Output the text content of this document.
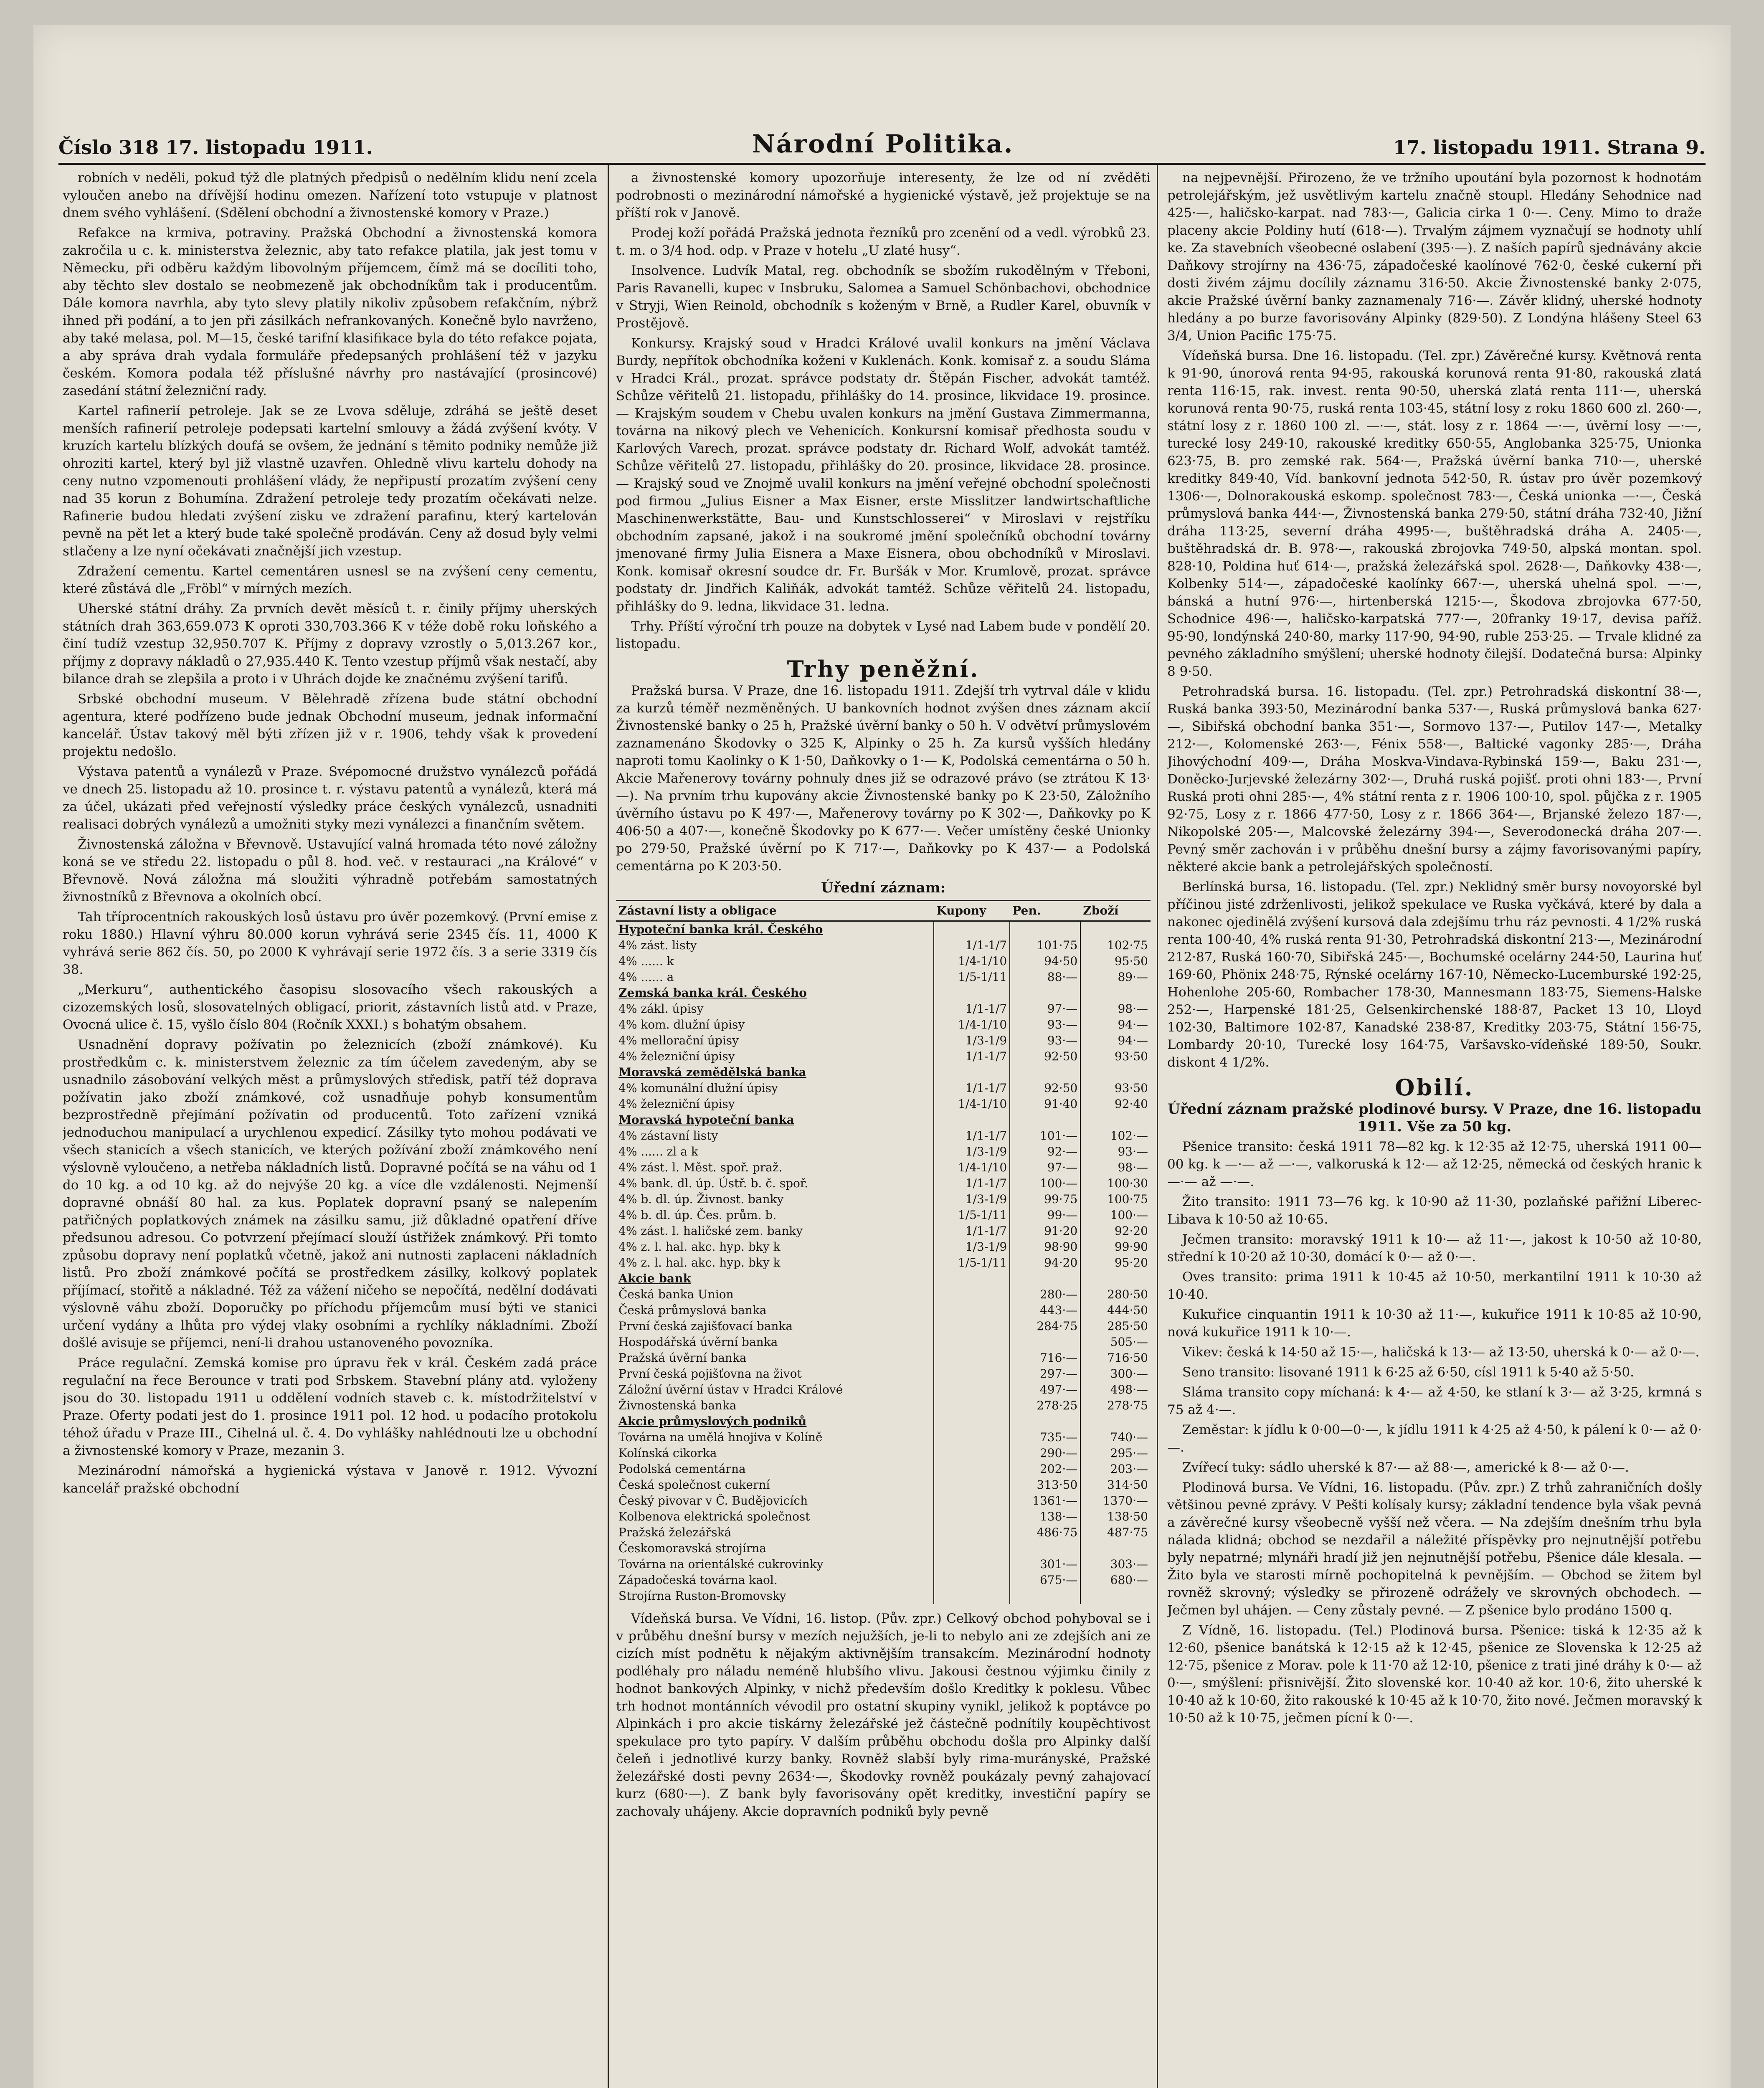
Číslo 318 17. listopadu 1911.	Národní Politika.	17. listopadu 1911. Strana 9.

robních v neděli, pokud týž dle platných předpisů o nedělním klidu není zcela vyloučen anebo na dřívější hodinu omezen. Nařízení toto vstupuje v platnost dnem svého vyhlášení. (Sdělení obchodní a živnostenské komory v Praze.)

Refakce na krmiva, potraviny. Pražská Obchodní a živnostenská komora zakročila u c. k. ministerstva železnic, aby tato refakce platila, jak jest tomu v Německu, při odběru každým libovolným příjemcem, čímž má se docíliti toho, aby těchto slev dostalo se neobmezeně jak obchodníkům tak i producentům. Dále komora navrhla, aby tyto slevy platily nikoliv způsobem refakčním, nýbrž ihned při podání, a to jen při zásilkách nefrankovaných. Konečně bylo navrženo, aby také melasa, pol. M—15, české tarifní klasifikace byla do této refakce pojata, a aby správa drah vydala formuláře předepsaných prohlášení též v jazyku českém. Komora podala též příslušné návrhy pro nastávající (prosincové) zasedání státní železniční rady.

Kartel rafinerií petroleje. Jak se ze Lvova sděluje, zdráhá se ještě deset menších rafinerií petroleje podepsati kartelní smlouvy a žádá zvýšení kvóty. V kruzích kartelu blízkých doufá se ovšem, že jednání s těmito podniky nemůže již ohroziti kartel, který byl již vlastně uzavřen. Ohledně vlivu kartelu dohody na ceny nutno vzpomenouti prohlášení vlády, že nepřipustí prozatím zvýšení ceny nad 35 korun z Bohumína. Zdražení petroleje tedy prozatím očekávati nelze. Rafinerie budou hledati zvýšení zisku ve zdražení parafinu, který kartelován pevně na pět let a který bude také společně prodáván. Ceny až dosud byly velmi stlačeny a lze nyní očekávati značnější jich vzestup.

Zdražení cementu. Kartel cementáren usnesl se na zvýšení ceny cementu, které zůstává dle „Fröbl“ v mírných mezích.

Uherské státní dráhy. Za prvních devět měsíců t. r. činily příjmy uherských státních drah 363,659.073 K oproti 330,703.366 K v téže době roku loňského a činí tudíž vzestup 32,950.707 K. Příjmy z dopravy vzrostly o 5,013.267 kor., příjmy z dopravy nákladů o 27,935.440 K. Tento vzestup příjmů však nestačí, aby bilance drah se zlepšila a proto i v Uhrách dojde ke značnému zvýšení tarifů.

Srbské obchodní museum. V Bělehradě zřízena bude státní obchodní agentura, které podřízeno bude jednak Obchodní museum, jednak informační kancelář. Ústav takový měl býti zřízen již v r. 1906, tehdy však k provedení projektu nedošlo.

Výstava patentů a vynálezů v Praze. Svépomocné družstvo vynálezců pořádá ve dnech 25. listopadu až 10. prosince t. r. výstavu patentů a vynálezů, která má za účel, ukázati před veřejností výsledky práce českých vynálezců, usnadniti realisaci dobrých vynálezů a umožniti styky mezi vynálezci a finančním světem.

Živnostenská záložna v Břevnově. Ustavující valná hromada této nové záložny koná se ve středu 22. listopadu o půl 8. hod. več. v restauraci „na Králové“ v Břevnově. Nová záložna má sloužiti výhradně potřebám samostatných živnostníků z Břevnova a okolních obcí.

Tah tříprocentních rakouských losů ústavu pro úvěr pozemkový. (První emise z roku 1880.) Hlavní výhru 80.000 korun vyhrává serie 2345 čís. 11, 4000 K vyhrává serie 862 čís. 50, po 2000 K vyhrávají serie 1972 čís. 3 a serie 3319 čís 38.

„Merkuru“, authentického časopisu slosovacího všech rakouských a cizozemských losů, slosovatelných obligací, priorit, zástavních listů atd. v Praze, Ovocná ulice č. 15, vyšlo číslo 804 (Ročník XXXI.) s bohatým obsahem.

Usnadnění dopravy požívatin po železnicích (zboží známkové). Ku prostředkům c. k. ministerstvem železnic za tím účelem zavedeným, aby se usnadnilo zásobování velkých měst a průmyslových středisk, patří též doprava požívatin jako zboží známkové, což usnadňuje pohyb konsumentům bezprostředně přejímání požívatin od producentů. Toto zařízení vzniká jednoduchou manipulací a urychlenou expedicí. Zásilky tyto mohou podávati ve všech stanicích a všech stanicích, ve kterých požívání zboží známkového není výslovně vyloučeno, a netřeba nákladních listů. Dopravné počítá se na váhu od 1 do 10 kg. a od 10 kg. až do nejvýše 20 kg. a více dle vzdálenosti. Nejmenší dopravné obnáší 80 hal. za kus. Poplatek dopravní psaný se nalepením patřičných poplatkových známek na zásilku samu, již důkladné opatření dříve předsunou adresou. Co potvrzení přejímací slouží ústřižek známkový. Při tomto způsobu dopravy není poplatků včetně, jakož ani nutnosti zaplaceni nákladních listů. Pro zboží známkové počítá se prostředkem zásilky, kolkový poplatek příjímací, stořitě a nákladné. Též za vážení ničeho se nepočítá, nedělní dodávati výslovně váhu zboží. Doporučky po příchodu příjemcům musí býti ve stanici určení vydány a lhůta pro výdej vlaky osobními a rychlíky nákladními. Zboží došlé avisuje se příjemci, není-li drahou ustanoveného povozníka.

Práce regulační. Zemská komise pro úpravu řek v král. Českém zadá práce regulační na řece Berounce v trati pod Srbskem. Stavební plány atd. vyloženy jsou do 30. listopadu 1911 u oddělení vodních staveb c. k. místodržitelství v Praze. Oferty podati jest do 1. prosince 1911 pol. 12 hod. u podacího protokolu téhož úřadu v Praze III., Cihelná ul. č. 4. Do vyhlášky nahlédnouti lze u obchodní a živnostenské komory v Praze, mezanin 3.

Mezinárodní námořská a hygienická výstava v Janově r. 1912. Vývozní kancelář pražské obchodní

a živnostenské komory upozorňuje interesenty, že lze od ní zvěděti podrobnosti o mezinárodní námořské a hygienické výstavě, jež projektuje se na příští rok v Janově.

Prodej koží pořádá Pražská jednota řezníků pro zcenění od a vedl. výrobků 23. t. m. o 3/4 hod. odp. v Praze v hotelu „U zlaté husy“.

Insolvence. Ludvík Matal, reg. obchodník se sbožím rukodělným v Třeboni, Paris Ravanelli, kupec v Insbruku, Salomea a Samuel Schönbachovi, obchodnice v Stryji, Wien Reinold, obchodník s koženým v Brně, a Rudler Karel, obuvník v Prostějově.

Konkursy. Krajský soud v Hradci Králové uvalil konkurs na jmění Václava Burdy, nepřítok obchodníka koženi v Kuklenách. Konk. komisař z. a soudu Sláma v Hradci Král., prozat. správce podstaty dr. Štěpán Fischer, advokát tamtéž. Schůze věřitelů 21. listopadu, přihlášky do 14. prosince, likvidace 19. prosince. — Krajským soudem v Chebu uvalen konkurs na jmění Gustava Zimmermanna, továrna na nikový plech ve Vehenicích. Konkursní komisař předhosta soudu v Karlových Varech, prozat. správce podstaty dr. Richard Wolf, advokát tamtéž. Schůze věřitelů 27. listopadu, přihlášky do 20. prosince, likvidace 28. prosince. — Krajský soud ve Znojmě uvalil konkurs na jmění veřejné obchodní společnosti pod firmou „Julius Eisner a Max Eisner, erste Misslitzer landwirtschaftliche Maschinenwerkstätte, Bau- und Kunstschlosserei“ v Miroslavi v rejstříku obchodním zapsané, jakož i na soukromé jmění společníků obchodní továrny jmenované firmy Julia Eisnera a Maxe Eisnera, obou obchodníků v Miroslavi. Konk. komisař okresní soudce dr. Fr. Buršák v Mor. Krumlově, prozat. správce podstaty dr. Jindřich Kaliňák, advokát tamtéž. Schůze věřitelů 24. listopadu, přihlášky do 9. ledna, likvidace 31. ledna.

Trhy. Příští výroční trh pouze na dobytek v Lysé nad Labem bude v pondělí 20. listopadu.

Trhy peněžní.

Pražská bursa. V Praze, dne 16. listopadu 1911. Zdejší trh vytrval dále v klidu za kurzů téměř nezměněných. U bankovních hodnot zvýšen dnes záznam akcií Živnostenské banky o 25 h, Pražské úvěrní banky o 50 h. V odvětví průmyslovém zaznamenáno Škodovky o 325 K, Alpinky o 25 h. Za kursů vyšších hledány naproti tomu Kaolinky o K 1·50, Daňkovky o 1·— K, Podolská cementárna o 50 h. Akcie Mařenerovy továrny pohnuly dnes již se odrazové právo (se ztrátou K 13·—). Na prvním trhu kupovány akcie Živnostenské banky po K 23·50, Záložního úvěrního ústavu po K 497·—, Mařenerovy továrny po K 302·—, Daňkovky po K 406·50 a 407·—, konečně Škodovky po K 677·—. Večer umístěny české Unionky po 279·50, Pražské úvěrní po K 717·—, Daňkovky po K 437·— a Podolská cementárna po K 203·50.

Úřední záznam:
Zástavní listy a obligace	Kupony	Pen.	Zboží
Hypoteční banka král. Českého			
4% zást. listy	1/1-1/7	101·75	102·75
4% ...... k	1/4-1/10	94·50	95·50
4% ...... a	1/5-1/11	88·—	89·—
Zemská banka král. Českého			
4% zákl. úpisy	1/1-1/7	97·—	98·—
4% kom. dlužní úpisy	1/4-1/10	93·—	94·—
4% mellorační úpisy	1/3-1/9	93·—	94·—
4% železniční úpisy	1/1-1/7	92·50	93·50
Moravská zemědělská banka			
4% komunální dlužní úpisy	1/1-1/7	92·50	93·50
4% železniční úpisy	1/4-1/10	91·40	92·40
Moravská hypoteční banka			
4% zástavní listy	1/1-1/7	101·—	102·—
4% ...... zl a k	1/3-1/9	92·—	93·—
4% zást. l. Měst. spoř. praž.	1/4-1/10	97·—	98·—
4% bank. dl. úp. Ústř. b. č. spoř.	1/1-1/7	100·—	100·30
4% b. dl. úp. Živnost. banky	1/3-1/9	99·75	100·75
4% b. dl. úp. Čes. prům. b.	1/5-1/11	99·—	100·—
4% zást. l. haličské zem. banky	1/1-1/7	91·20	92·20
4% z. l. hal. akc. hyp. bky k	1/3-1/9	98·90	99·90
4% z. l. hal. akc. hyp. bky k	1/5-1/11	94·20	95·20
Akcie bank			
Česká banka Union		280·—	280·50
Česká průmyslová banka		443·—	444·50
První česká zajišťovací banka		284·75	285·50
Hospodářská úvěrní banka			505·—
Pražská úvěrní banka		716·—	716·50
První česká pojišťovna na život		297·—	300·—
Záložní úvěrní ústav v Hradci Králové		497·—	498·—
Živnostenská banka		278·25	278·75
Akcie průmyslových podniků			
Továrna na umělá hnojiva v Kolíně		735·—	740·—
Kolínská cikorka		290·—	295·—
Podolská cementárna		202·—	203·—
Česká společnost cukerní		313·50	314·50
Český pivovar v Č. Budějovicích		1361·—	1370·—
Kolbenova elektrická společnost		138·—	138·50
Pražská železářská		486·75	487·75
Českomoravská strojírna			
Továrna na orientálské cukrovinky		301·—	303·—
Západočeská továrna kaol.		675·—	680·—
Strojírna Ruston-Bromovsky			

Vídeňská bursa. Ve Vídni, 16. listop. (Pův. zpr.) Celkový obchod pohyboval se i v průběhu dnešní bursy v mezích nejužších, je-li to nebylo ani ze zdejších ani ze cizích míst podnětu k nějakým aktivnějším transakcím. Mezinárodní hodnoty podléhaly pro náladu neméně hlubšího vlivu. Jakousi čestnou výjimku činily z hodnot bankových Alpinky, v nichž především došlo Kreditky k poklesu. Vůbec trh hodnot montánních vévodil pro ostatní skupiny vynikl, jelikož k poptávce po Alpinkách i pro akcie tiskárny železářské jež částečně podnítily koupěchtivost spekulace pro tyto papíry. V dalším průběhu obchodu došla pro Alpinky další čeleň i jednotlivé kurzy banky. Rovněž slabší byly rima-murányské, Pražské železářské dosti pevny 2634·—, Škodovky rovněž poukázaly pevný zahajovací kurz (680·—). Z bank byly favorisovány opět kreditky, investiční papíry se zachovaly uhájeny. Akcie dopravních podniků byly pevně

na nejpevnější. Přirozeno, že ve tržního upoutání byla pozornost k hodnotám petrolejářským, jež usvětlivým kartelu značně stoupl. Hledány Sehodnice nad 425·—, haličsko-karpat. nad 783·—, Galicia cirka 1 0·—. Ceny. Mimo to draže placeny akcie Poldiny hutí (618·—). Trvalým zájmem vyznačují se hodnoty uhlí ke. Za stavebních všeobecné oslabení (395·—). Z naších papírů sjednávány akcie Daňkovy strojírny na 436·75, západočeské kaolínové 762·0, české cukerní při dosti živém zájmu docílily záznamu 316·50. Akcie Živnostenské banky 2·075, akcie Pražské úvěrní banky zaznamenaly 716·—. Závěr klidný, uherské hodnoty hledány a po burze favorisovány Alpinky (829·50). Z Londýna hlášeny Steel 63 3/4, Union Pacific 175·75.

Vídeňská bursa. Dne 16. listopadu. (Tel. zpr.) Závěrečné kursy. Květnová renta k 91·90, únorová renta 94·95, rakouská korunová renta 91·80, rakouská zlatá renta 116·15, rak. invest. renta 90·50, uherská zlatá renta 111·—, uherská korunová renta 90·75, ruská renta 103·45, státní losy z roku 1860 600 zl. 260·—, státní losy z r. 1860 100 zl. —·—, stát. losy z r. 1864 —·—, úvěrní losy —·—, turecké losy 249·10, rakouské kreditky 650·55, Anglobanka 325·75, Unionka 623·75, B. pro zemské rak. 564·—, Pražská úvěrní banka 710·—, uherské kreditky 849·40, Víd. bankovní jednota 542·50, R. ústav pro úvěr pozemkový 1306·—, Dolnorakouská eskomp. společnost 783·—, Česká unionka —·—, Česká průmyslová banka 444·—, Živnostenská banka 279·50, státní dráha 732·40, Jižní dráha 113·25, severní dráha 4995·—, buštěhradská dráha A. 2405·—, buštěhradská dr. B. 978·—, rakouská zbrojovka 749·50, alpská montan. spol. 828·10, Poldina huť 614·—, pražská železářská spol. 2628·—, Daňkovky 438·—, Kolbenky 514·—, západočeské kaolínky 667·—, uherská uhelná spol. —·—, bánská a hutní 976·—, hirtenberská 1215·—, Škodova zbrojovka 677·50, Schodnice 496·—, haličsko-karpatská 777·—, 20franky 19·17, devisa paříž. 95·90, londýnská 240·80, marky 117·90, 94·90, ruble 253·25. — Trvale klidné za pevného základního smýšlení; uherské hodnoty čilejší. Dodatečná bursa: Alpinky 8 9·50.

Petrohradská bursa. 16. listopadu. (Tel. zpr.) Petrohradská diskontní 38·—, Ruská banka 393·50, Mezinárodní banka 537·—, Ruská průmyslová banka 627·—, Sibiřská obchodní banka 351·—, Sormovo 137·—, Putilov 147·—, Metalky 212·—, Kolomenské 263·—, Fénix 558·—, Baltické vagonky 285·—, Dráha Jihovýchodní 409·—, Dráha Moskva-Vindava-Rybinská 159·—, Baku 231·—, Doněcko-Jurjevské železárny 302·—, Druhá ruská pojišť. proti ohni 183·—, První Ruská proti ohni 285·—, 4% státní renta z r. 1906 100·10, spol. půjčka z r. 1905 92·75, Losy z r. 1866 477·50, Losy z r. 1866 364·—, Brjanské železo 187·—, Nikopolské 205·—, Malcovské železárny 394·—, Severodonecká dráha 207·—. Pevný směr zachován i v průběhu dnešní bursy a zájmy favorisovanými papíry, některé akcie bank a petrolejářských společností.

Berlínská bursa, 16. listopadu. (Tel. zpr.) Neklidný směr bursy novoyorské byl příčinou jisté zdrženlivosti, jelikož spekulace ve Ruska vyčkává, které by dala a nakonec ojedinělá zvýšení kursová dala zdejšímu trhu ráz pevnosti. 4 1/2% ruská renta 100·40, 4% ruská renta 91·30, Petrohradská diskontní 213·—, Mezinárodní 212·87, Ruská 160·70, Sibiřská 245·—, Bochumské ocelárny 244·50, Laurina huť 169·60, Phönix 248·75, Rýnské ocelárny 167·10, Německo-Lucemburské 192·25, Hohenlohe 205·60, Rombacher 178·30, Mannesmann 183·75, Siemens-Halske 252·—, Harpenské 181·25, Gelsenkirchenské 188·87, Packet 13 10, Lloyd 102·30, Baltimore 102·87, Kanadské 238·87, Kreditky 203·75, Státní 156·75, Lombardy 20·10, Turecké losy 164·75, Varšavsko-vídeňské 189·50, Soukr. diskont 4 1/2%.

Obilí.
Úřední záznam pražské plodinové bursy. V Praze, dne 16. listopadu 1911. Vše za 50 kg.

Pšenice transito: česká 1911 78—82 kg. k 12·35 až 12·75, uherská 1911 00—00 kg. k —·— až —·—, valkoruská k 12·— až 12·25, německá od českých hranic k —·— až —·—.

Žito transito: 1911 73—76 kg. k 10·90 až 11·30, pozlaňské pařižní Liberec-Libava k 10·50 až 10·65.

Ječmen transito: moravský 1911 k 10·— až 11·—, jakost k 10·50 až 10·80, střední k 10·20 až 10·30, domácí k 0·— až 0·—.

Oves transito: prima 1911 k 10·45 až 10·50, merkantilní 1911 k 10·30 až 10·40.

Kukuřice cinquantin 1911 k 10·30 až 11·—, kukuřice 1911 k 10·85 až 10·90, nová kukuřice 1911 k 10·—.

Vikev: česká k 14·50 až 15·—, haličská k 13·— až 13·50, uherská k 0·— až 0·—.

Seno transito: lisované 1911 k 6·25 až 6·50, císl 1911 k 5·40 až 5·50.

Sláma transito copy míchaná: k 4·— až 4·50, ke stlaní k 3·— až 3·25, krmná s 75 až 4·—.

Zeměstar: k jídlu k 0·00—0·—, k jídlu 1911 k 4·25 až 4·50, k pálení k 0·— až 0·—.

Zvířecí tuky: sádlo uherské k 87·— až 88·—, americké k 8·— až 0·—.

Plodinová bursa. Ve Vídni, 16. listopadu. (Pův. zpr.) Z trhů zahraničních došly většinou pevné zprávy. V Pešti kolísaly kursy; základní tendence byla však pevná a závěrečné kursy všeobecně vyšší než včera. — Na zdejším dnešním trhu byla nálada klidná; obchod se nezdařil a náležité příspěvky pro nejnutnější potřebu byly nepatrné; mlynáři hradí již jen nejnutnější potřebu, Pšenice dále klesala. — Žito byla ve starosti mírně pochopitelná k pevnějším. — Obchod se žitem byl rovněž skrovný; výsledky se přirozeně odrážely ve skrovných obchodech. — Ječmen byl uhájen. — Ceny zůstaly pevné. — Z pšenice bylo prodáno 1500 q.

Z Vídně, 16. listopadu. (Tel.) Plodinová bursa. Pšenice: tiská k 12·35 až k 12·60, pšenice banátská k 12·15 až k 12·45, pšenice ze Slovenska k 12·25 až 12·75, pšenice z Morav. pole k 11·70 až 12·10, pšenice z trati jiné dráhy k 0·— až 0·—, smýšlení: přisnivější. Žito slovenské kor. 10·40 až kor. 10·6, žito uherské k 10·40 až k 10·60, žito rakouské k 10·45 až k 10·70, žito nové. Ječmen moravský k 10·50 až k 10·75, ječmen pícní k 0·—.
